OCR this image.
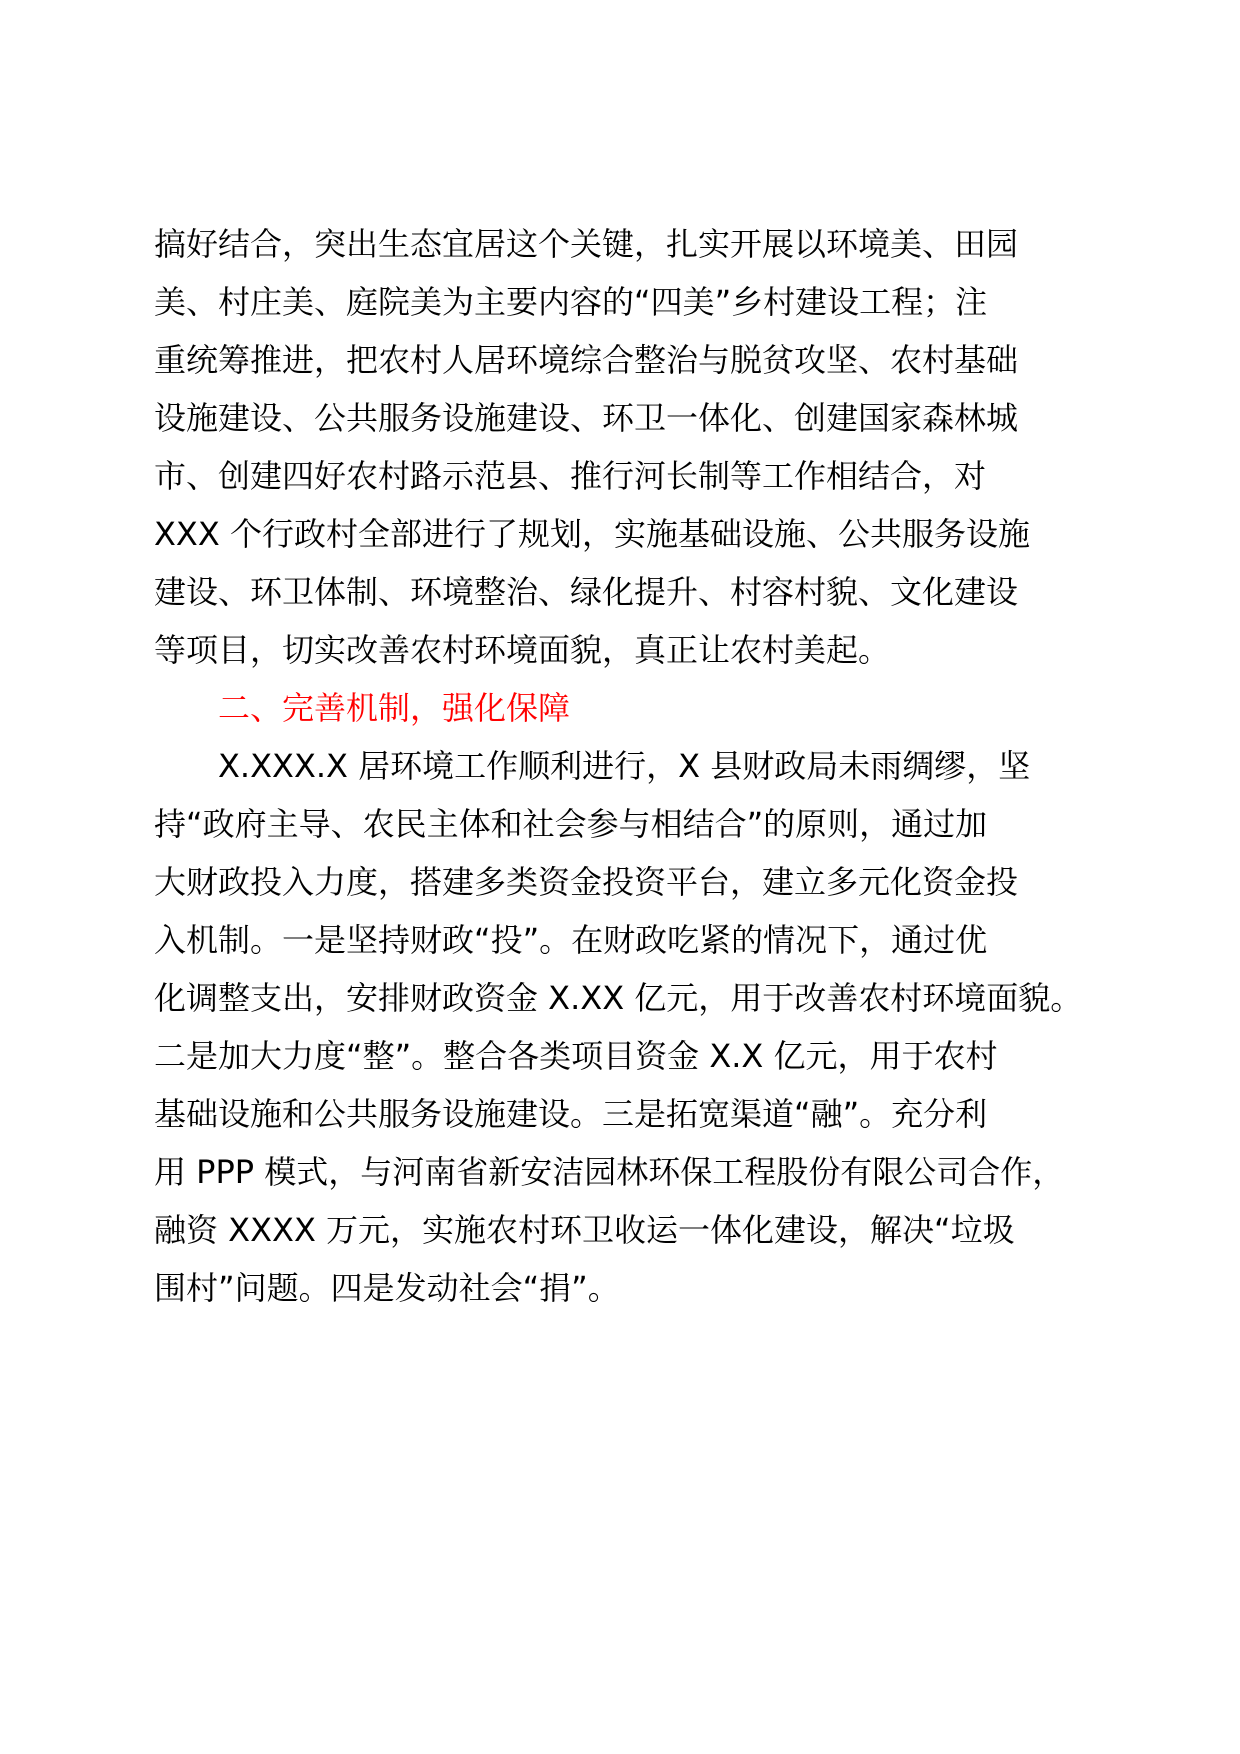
搞好结合，突出生态宜居这个关键，扎实开展以环境美、田园
美、村庄美、庭院美为主要内容的“四美”乡村建设工程；注
重统筹推进，把农村人居环境综合整治与脱贫攻坚、农村基础
设施建设、公共服务设施建设、环卫一体化、创建国家森林城
市、创建四好农村路示范县、推行河长制等工作相结合，对
XXX 个行政村全部进行了规划，实施基础设施、公共服务设施
建设、环卫体制、环境整治、绿化提升、村容村貌、文化建设
等项目，切实改善农村环境面貌，真正让农村美起。
二、完善机制，强化保障
X.XXX.X 居环境工作顺利进行，X 县财政局未雨绸缪，坚
持“政府主导、农民主体和社会参与相结合”的原则，通过加
大财政投入力度，搭建多类资金投资平台，建立多元化资金投
入机制。一是坚持财政“投”。在财政吃紧的情况下，通过优
化调整支出，安排财政资金 X.XX 亿元，用于改善农村环境面貌。
二是加大力度“整”。整合各类项目资金 X.X 亿元，用于农村
基础设施和公共服务设施建设。三是拓宽渠道“融”。充分利
用 PPP 模式，与河南省新安洁园林环保工程股份有限公司合作，
融资 XXXX 万元，实施农村环卫收运一体化建设，解决“垃圾
围村”问题。四是发动社会“捐”。
